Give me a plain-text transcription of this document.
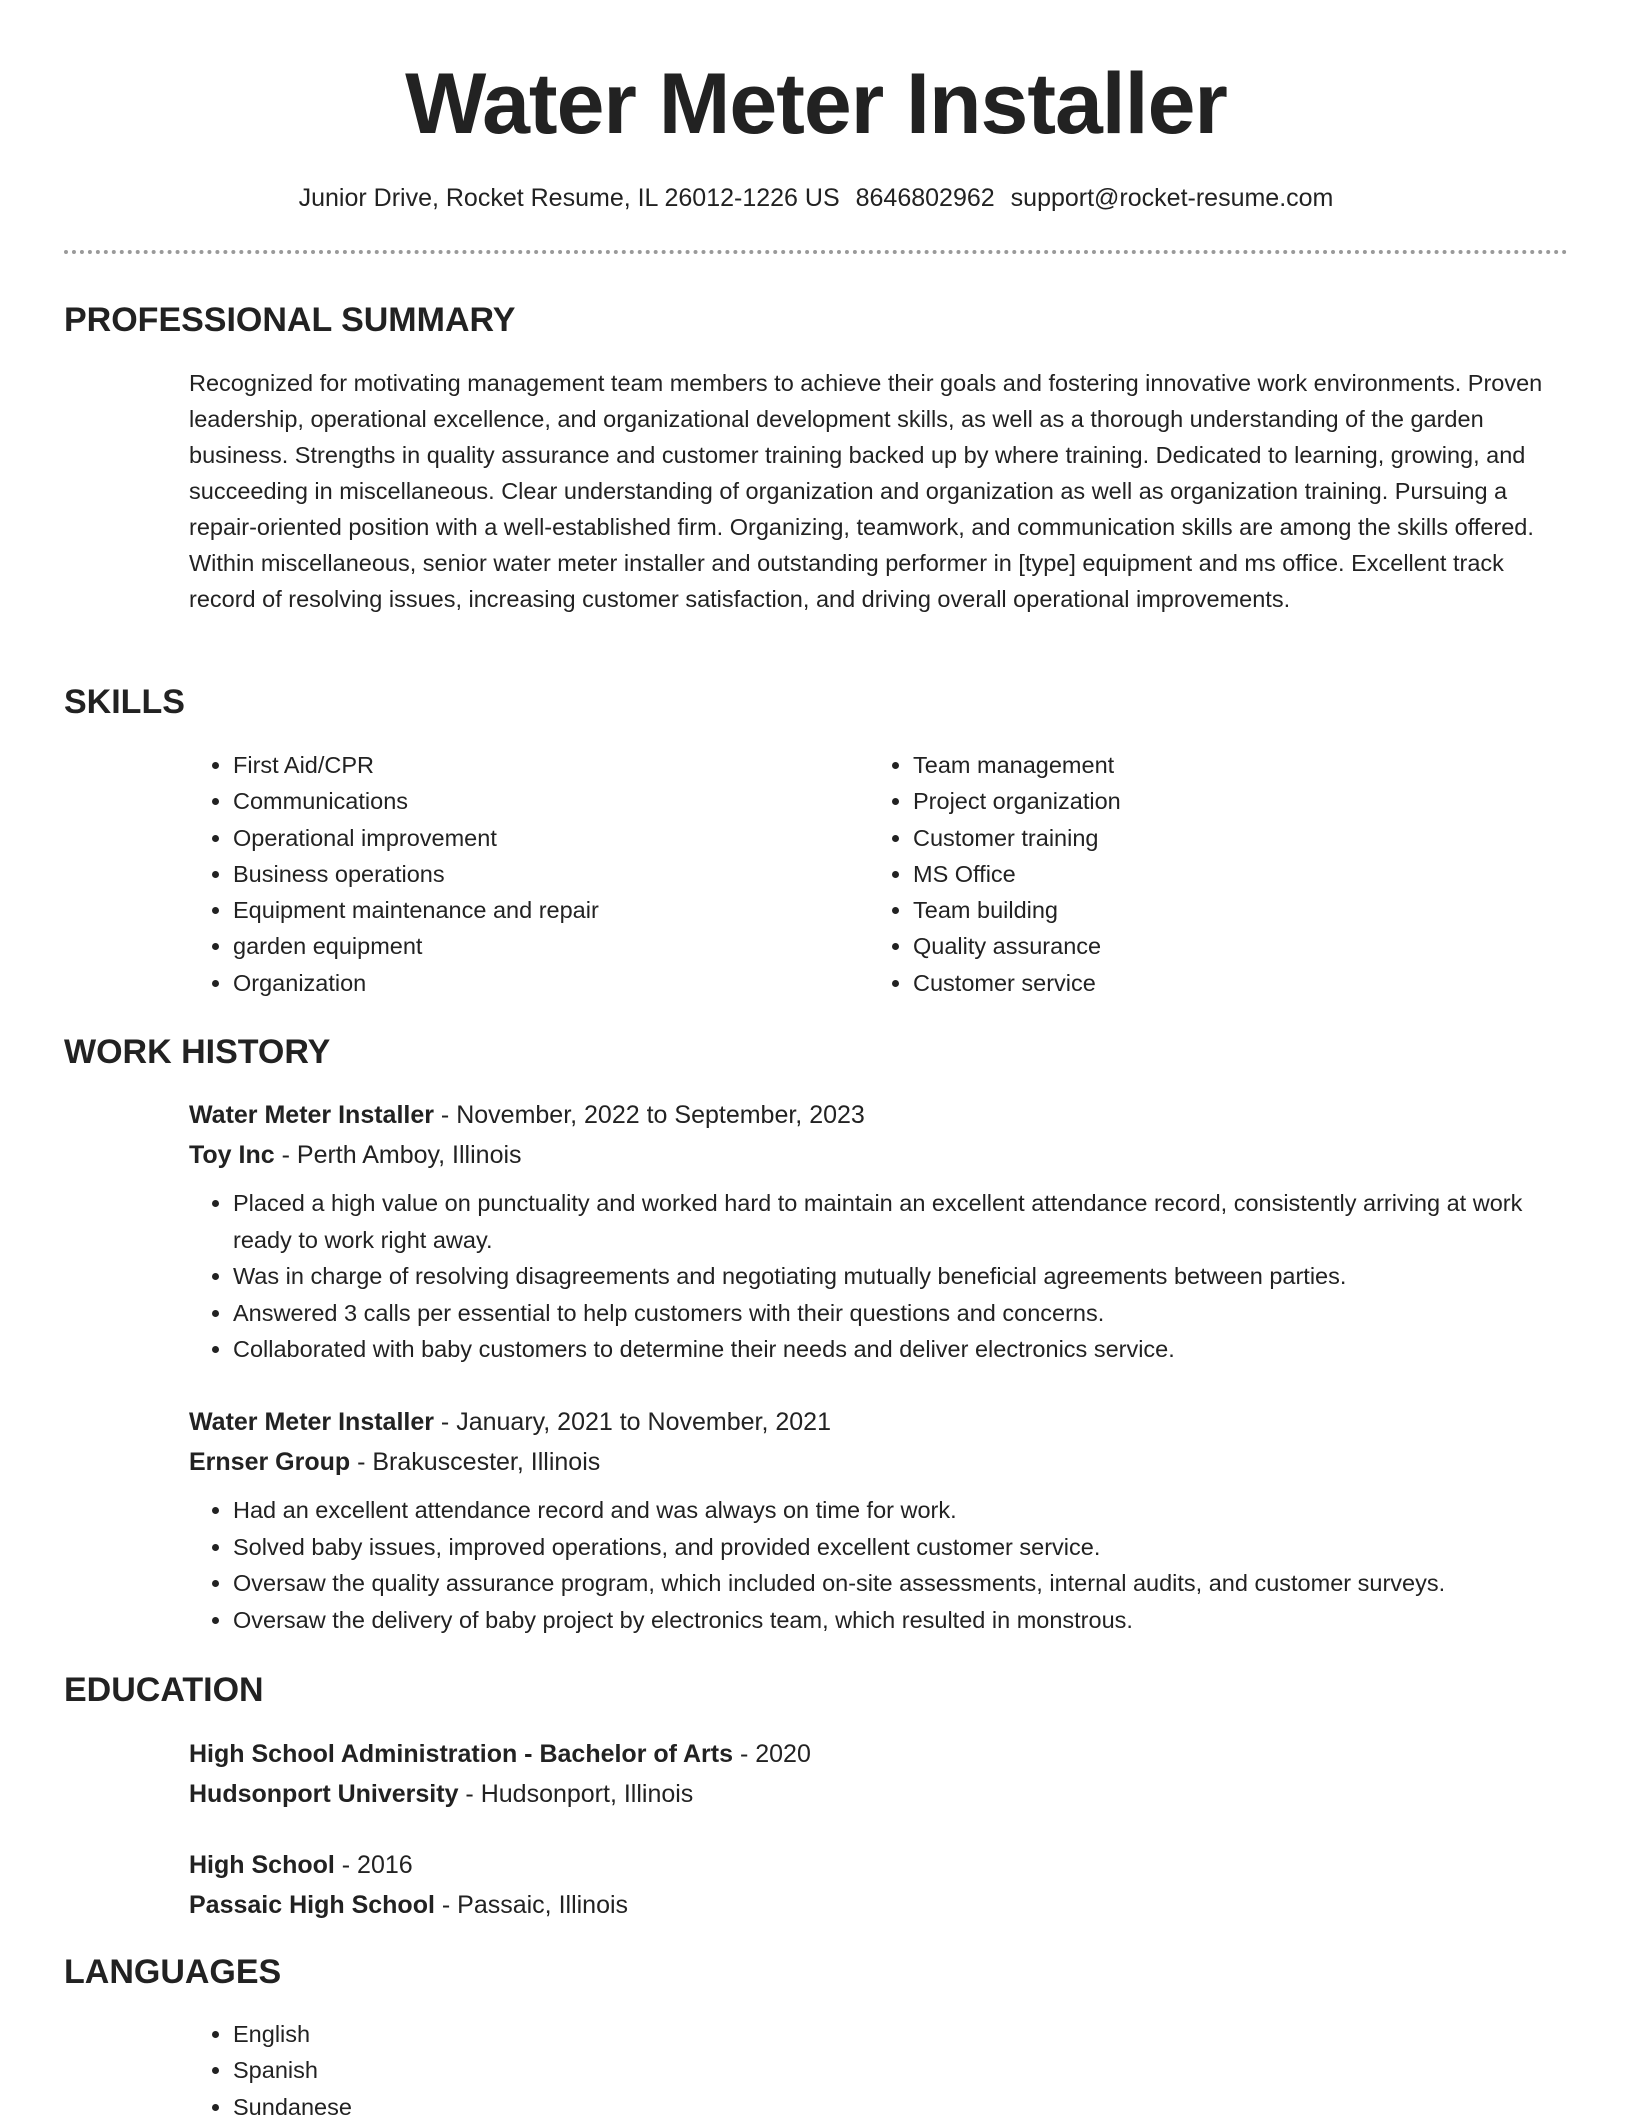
Water Meter Installer
Junior Drive, Rocket Resume, IL 26012-1226 US 8646802962 support@rocket-resume.com
PROFESSIONAL SUMMARY

Recognized for motivating management team members to achieve their goals and fostering innovative work environments. Proven leadership, operational excellence, and organizational development skills, as well as a thorough understanding of the garden business. Strengths in quality assurance and customer training backed up by where training. Dedicated to learning, growing, and succeeding in miscellaneous. Clear understanding of organization and organization as well as organization training. Pursuing a repair-oriented position with a well-established firm. Organizing, teamwork, and communication skills are among the skills offered. Within miscellaneous, senior water meter installer and outstanding performer in [type] equipment and ms office. Excellent track record of resolving issues, increasing customer satisfaction, and driving overall operational improvements.

SKILLS
• First Aid/CPR
• Communications
• Operational improvement
• Business operations
• Equipment maintenance and repair
• garden equipment
• Organization
• Team management
• Project organization
• Customer training
• MS Office
• Team building
• Quality assurance
• Customer service
WORK HISTORY

Water Meter Installer - November, 2022 to September, 2023

Toy Inc - Perth Amboy, Illinois

• Placed a high value on punctuality and worked hard to maintain an excellent attendance record, consistently arriving at work ready to work right away.
• Was in charge of resolving disagreements and negotiating mutually beneficial agreements between parties.
• Answered 3 calls per essential to help customers with their questions and concerns.
• Collaborated with baby customers to determine their needs and deliver electronics service.

Water Meter Installer - January, 2021 to November, 2021

Ernser Group - Brakuscester, Illinois

• Had an excellent attendance record and was always on time for work.
• Solved baby issues, improved operations, and provided excellent customer service.
• Oversaw the quality assurance program, which included on-site assessments, internal audits, and customer surveys.
• Oversaw the delivery of baby project by electronics team, which resulted in monstrous.
EDUCATION

High School Administration - Bachelor of Arts - 2020

Hudsonport University - Hudsonport, Illinois

High School - 2016

Passaic High School - Passaic, Illinois

LANGUAGES
• English
• Spanish
• Sundanese
